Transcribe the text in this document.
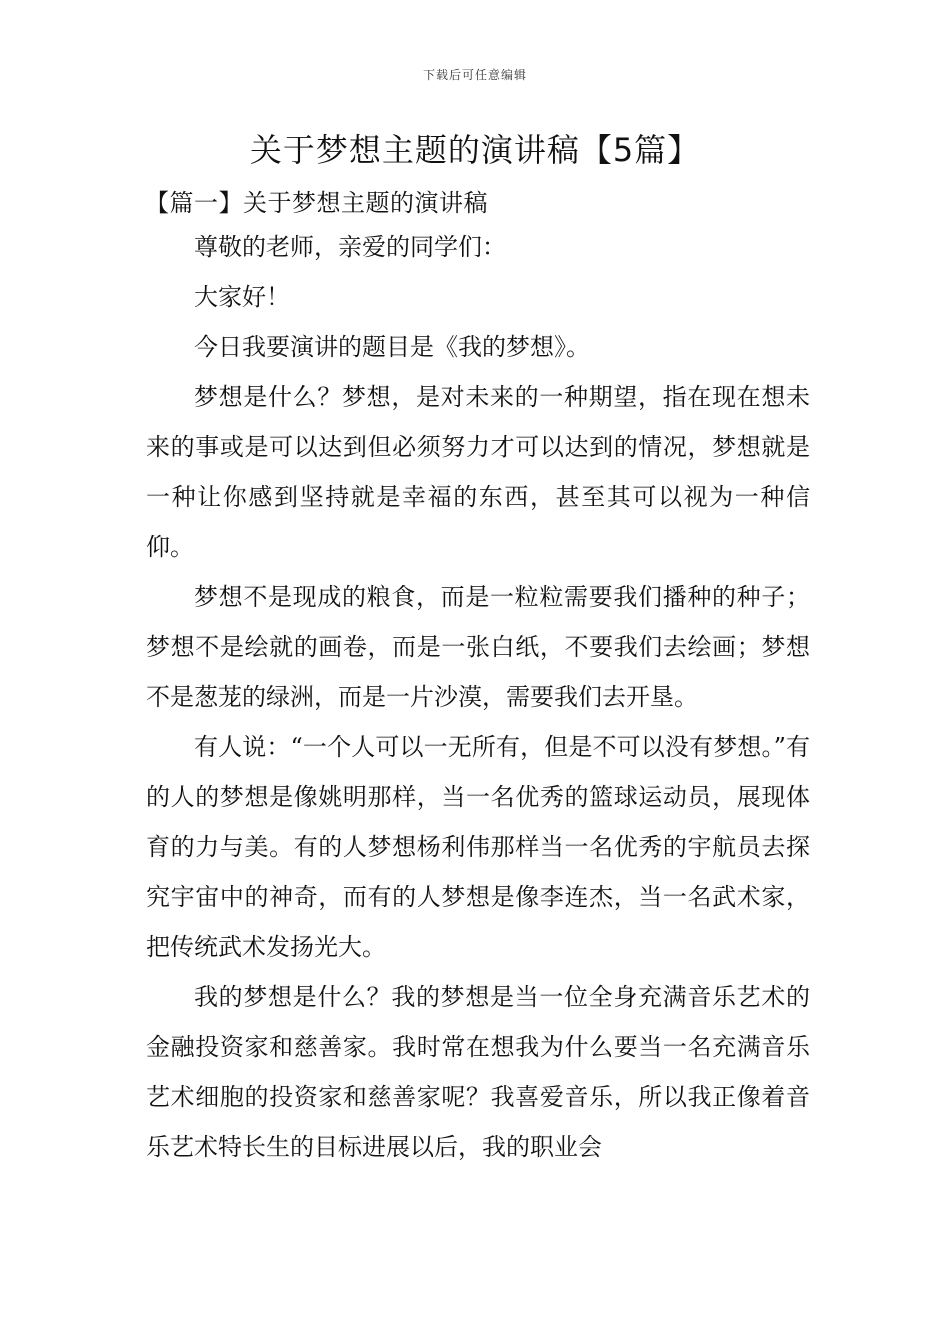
下载后可任意编辑
关于梦想主题的演讲稿【5篇】
【篇一】关于梦想主题的演讲稿

尊敬的老师，亲爱的同学们：

大家好！

今日我要演讲的题目是《我的梦想》。

梦想是什么？梦想，是对未来的一种期望，指在现在想未来的事或是可以达到但必须努力才可以达到的情况，梦想就是一种让你感到坚持就是幸福的东西，甚至其可以视为一种信仰。

梦想不是现成的粮食，而是一粒粒需要我们播种的种子；梦想不是绘就的画卷，而是一张白纸，不要我们去绘画；梦想不是葱茏的绿洲，而是一片沙漠，需要我们去开垦。

有人说：“一个人可以一无所有，但是不可以没有梦想。”有的人的梦想是像姚明那样，当一名优秀的篮球运动员，展现体育的力与美。有的人梦想杨利伟那样当一名优秀的宇航员去探究宇宙中的神奇，而有的人梦想是像李连杰，当一名武术家，把传统武术发扬光大。

我的梦想是什么？我的梦想是当一位全身充满音乐艺术的金融投资家和慈善家。我时常在想我为什么要当一名充满音乐艺术细胞的投资家和慈善家呢？我喜爱音乐，所以我正像着音乐艺术特长生的目标进展以后，我的职业会
